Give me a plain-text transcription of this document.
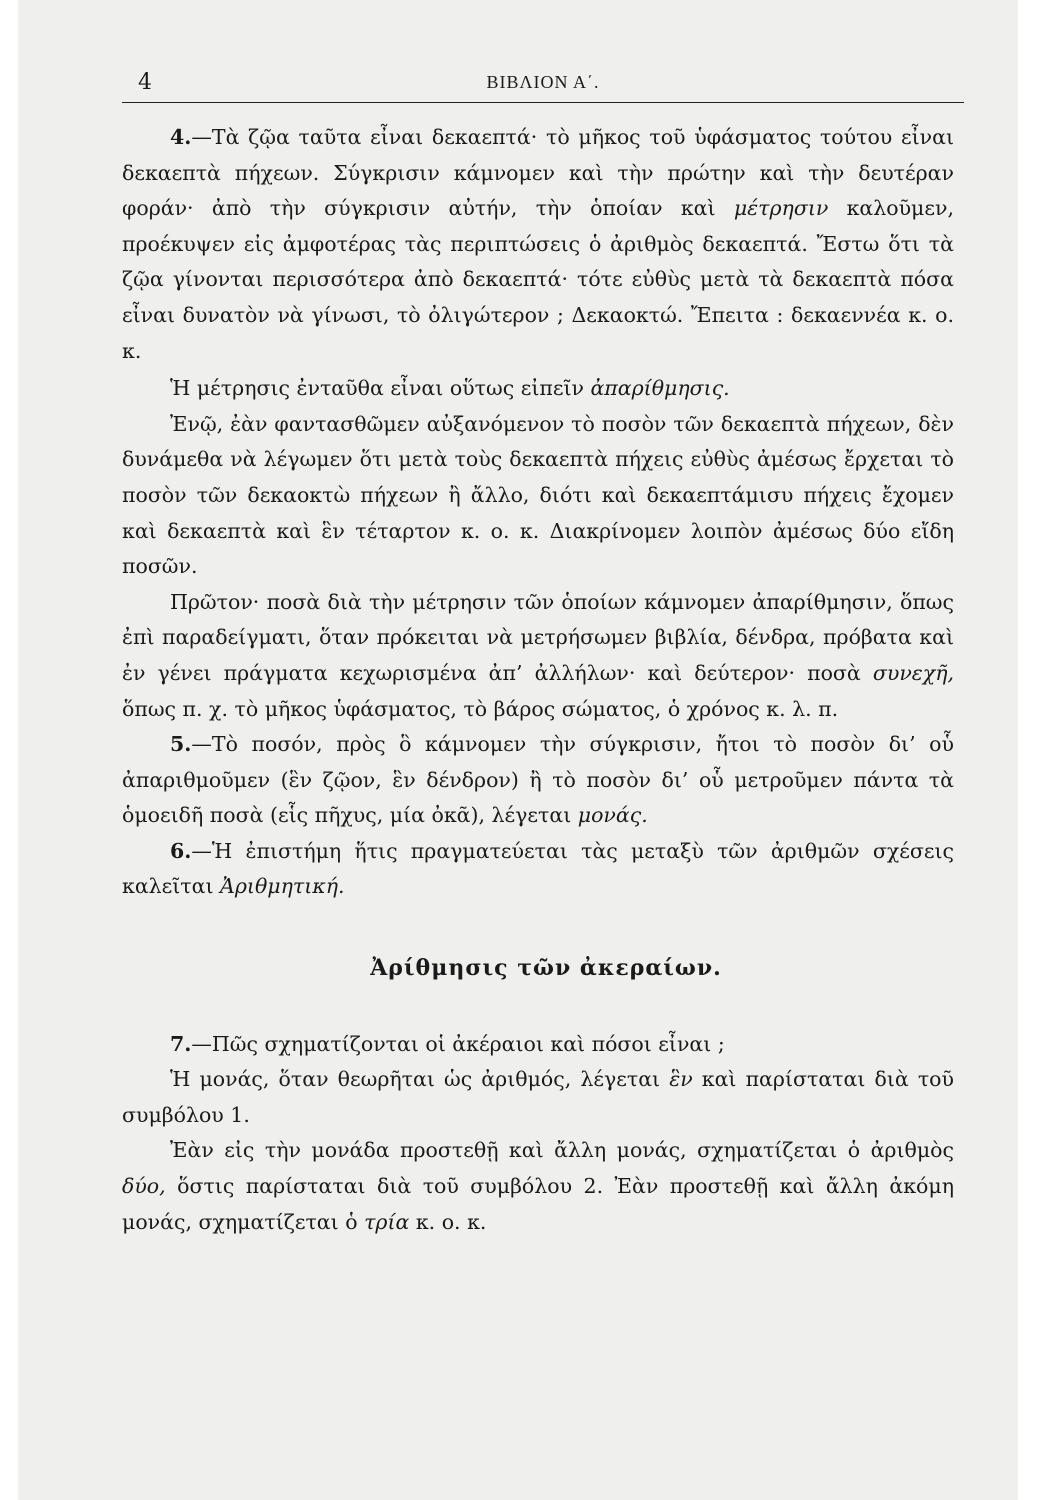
4	ΒΙΒΛΙΟΝ Α΄.

4.—Τὰ ζῷα ταῦτα εἶναι δεκαεπτά· τὸ μῆκος τοῦ ὑφάσματος τούτου εἶναι δεκαεπτὰ πήχεων. Σύγκρισιν κάμνομεν καὶ τὴν πρώτην καὶ τὴν δευτέραν φοράν· ἀπὸ τὴν σύγκρισιν αὐτήν, τὴν ὁποίαν καὶ μέτρησιν καλοῦμεν, προέκυψεν εἰς ἀμφοτέρας τὰς περιπτώσεις ὁ ἀριθμὸς δεκαεπτά. Ἔστω ὅτι τὰ ζῷα γίνονται περισσότερα ἀπὸ δεκαεπτά· τότε εὐθὺς μετὰ τὰ δεκαεπτὰ πόσα εἶναι δυνατὸν νὰ γίνωσι, τὸ ὀλιγώτερον ; Δεκαοκτώ. Ἔπειτα : δεκαεννέα κ. ο. κ.

Ἡ μέτρησις ἐνταῦθα εἶναι οὕτως εἰπεῖν ἀπαρίθμησις.

Ἐνῷ, ἐὰν φαντασθῶμεν αὐξανόμενον τὸ ποσὸν τῶν δεκαεπτὰ πήχεων, δὲν δυνάμεθα νὰ λέγωμεν ὅτι μετὰ τοὺς δεκαεπτὰ πήχεις εὐθὺς ἀμέσως ἔρχεται τὸ ποσὸν τῶν δεκαοκτὼ πήχεων ἢ ἄλλο, διότι καὶ δεκαεπτάμισυ πήχεις ἔχομεν καὶ δεκαεπτὰ καὶ ἓν τέταρτον κ. ο. κ. Διακρίνομεν λοιπὸν ἀμέσως δύο εἴδη ποσῶν.

Πρῶτον· ποσὰ διὰ τὴν μέτρησιν τῶν ὁποίων κάμνομεν ἀπαρίθμησιν, ὅπως ἐπὶ παραδείγματι, ὅταν πρόκειται νὰ μετρήσωμεν βιβλία, δένδρα, πρόβατα καὶ ἐν γένει πράγματα κεχωρισμένα ἀπ’ ἀλλήλων· καὶ δεύτερον· ποσὰ συνεχῆ, ὅπως π. χ. τὸ μῆκος ὑφάσματος, τὸ βάρος σώματος, ὁ χρόνος κ. λ. π.

5.—Τὸ ποσόν, πρὸς ὃ κάμνομεν τὴν σύγκρισιν, ἤτοι τὸ ποσὸν δι’ οὗ ἀπαριθμοῦμεν (ἓν ζῷον, ἓν δένδρον) ἢ τὸ ποσὸν δι’ οὗ μετροῦμεν πάντα τὰ ὁμοειδῆ ποσὰ (εἷς πῆχυς, μία ὀκᾶ), λέγεται μονάς.

6.—Ἡ ἐπιστήμη ἥτις πραγματεύεται τὰς μεταξὺ τῶν ἀριθμῶν σχέσεις καλεῖται Ἀριθμητική.

Ἀρίθμησις τῶν ἀκεραίων.

7.—Πῶς σχηματίζονται οἱ ἀκέραιοι καὶ πόσοι εἶναι ;

Ἡ μονάς, ὅταν θεωρῆται ὡς ἀριθμός, λέγεται ἓν καὶ παρίσταται διὰ τοῦ συμβόλου 1.

Ἐὰν εἰς τὴν μονάδα προστεθῇ καὶ ἄλλη μονάς, σχηματίζεται ὁ ἀριθμὸς δύο, ὅστις παρίσταται διὰ τοῦ συμβόλου 2. Ἐὰν προστεθῇ καὶ ἄλλη ἀκόμη μονάς, σχηματίζεται ὁ τρία κ. ο. κ.
